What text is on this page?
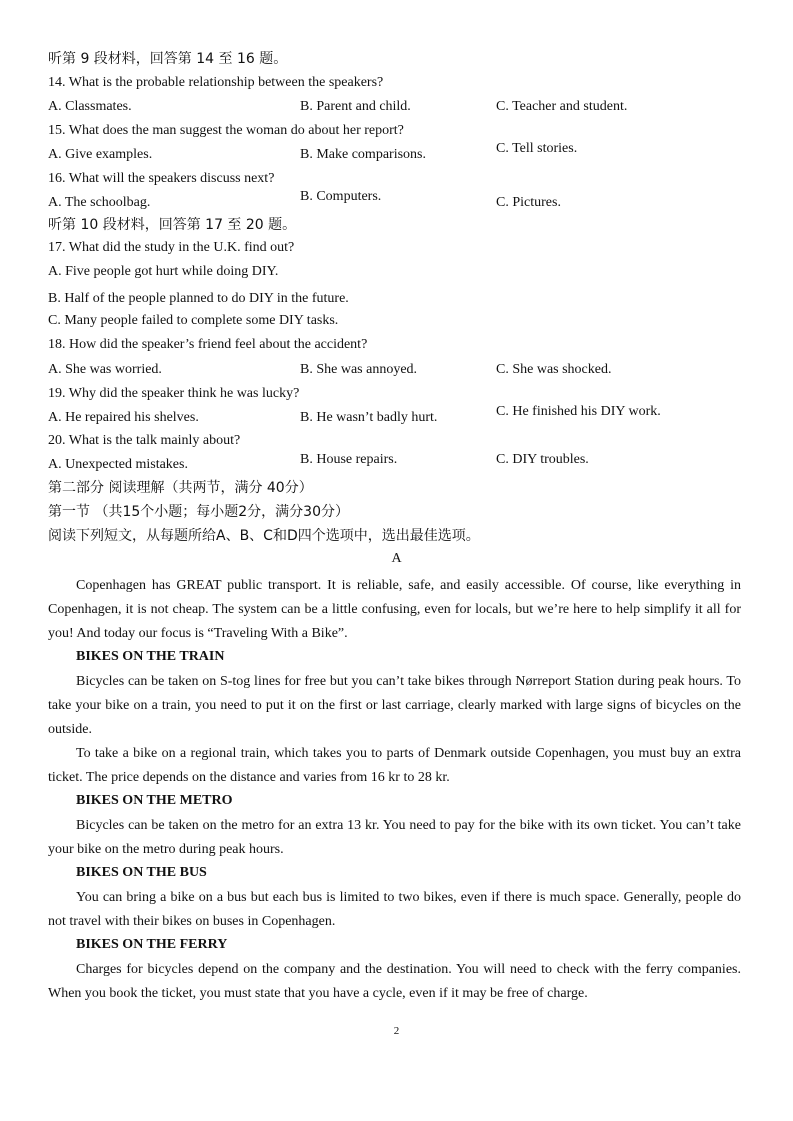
听第 9 段材料，回答第 14 至 16 题。
14. What is the probable relationship between the speakers?
A. Classmates.	B. Parent and child.	C. Teacher and student.
15. What does the man suggest the woman do about her report?
A. Give examples.	B. Make comparisons.	C. Tell stories.
16. What will the speakers discuss next?
A. The schoolbag.	B. Computers.	C. Pictures.
听第 10 段材料，回答第 17 至 20 题。
17. What did the study in the U.K. find out?
A. Five people got hurt while doing DIY.
B. Half of the people planned to do DIY in the future.
C. Many people failed to complete some DIY tasks.
18. How did the speaker’s friend feel about the accident?
A. She was worried.	B. She was annoyed.	C. She was shocked.
19. Why did the speaker think he was lucky?
A. He repaired his shelves.	B. He wasn’t badly hurt.	C. He finished his DIY work.
20. What is the talk mainly about?
A. Unexpected mistakes.	B. House repairs.	C. DIY troubles.
第二部分 阅读理解（共两节，满分 40分）
第一节 （共15个小题；每小题2分，满分30分）
阅读下列短文，从每题所给A、B、C和D四个选项中，选出最佳选项。
A
Copenhagen has GREAT public transport. It is reliable, safe, and easily accessible. Of course, like everything in Copenhagen, it is not cheap. The system can be a little confusing, even for locals, but we’re here to help simplify it all for you! And today our focus is “Traveling With a Bike”.
BIKES ON THE TRAIN
Bicycles can be taken on S-tog lines for free but you can’t take bikes through Nørreport Station during peak hours. To take your bike on a train, you need to put it on the first or last carriage, clearly marked with large signs of bicycles on the outside.
To take a bike on a regional train, which takes you to parts of Denmark outside Copenhagen, you must buy an extra ticket. The price depends on the distance and varies from 16 kr to 28 kr.
BIKES ON THE METRO
Bicycles can be taken on the metro for an extra 13 kr. You need to pay for the bike with its own ticket. You can’t take your bike on the metro during peak hours.
BIKES ON THE BUS
You can bring a bike on a bus but each bus is limited to two bikes, even if there is much space. Generally, people do not travel with their bikes on buses in Copenhagen.
BIKES ON THE FERRY
Charges for bicycles depend on the company and the destination. You will need to check with the ferry companies. When you book the ticket, you must state that you have a cycle, even if it may be free of charge.
2
